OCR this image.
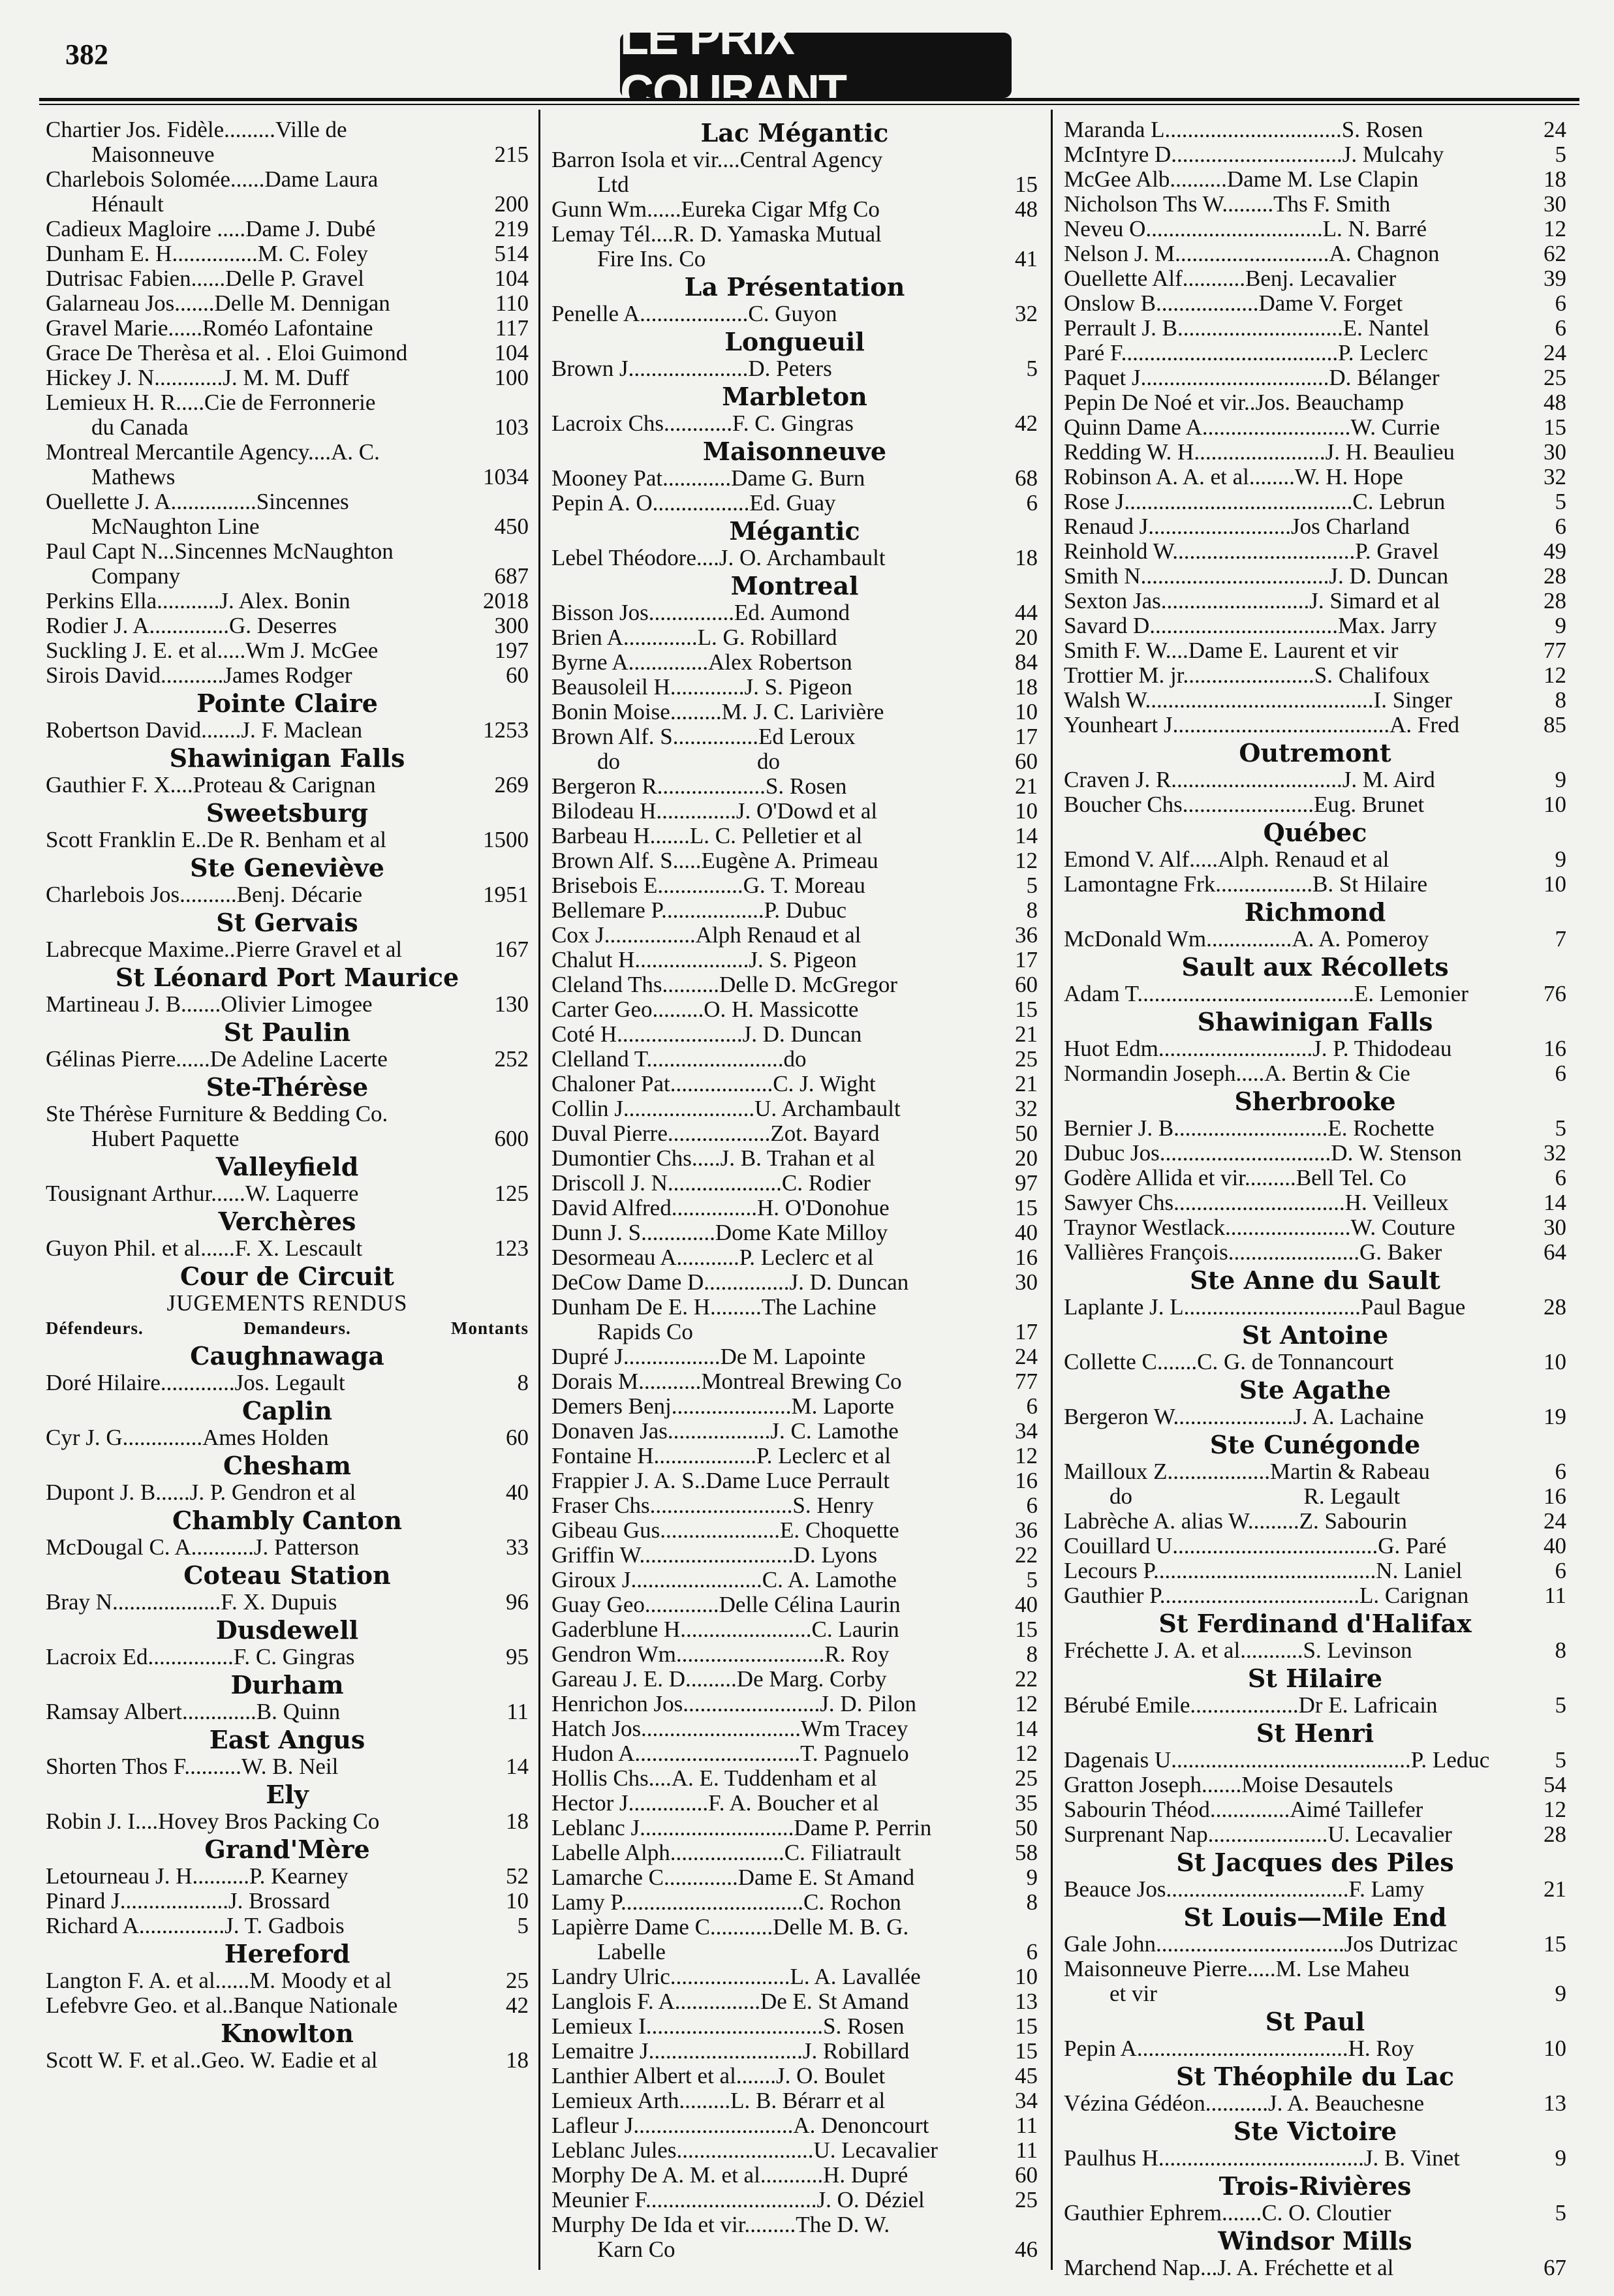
382	LE PRIX COURANT
Chartier Jos. Fidèle.........Ville de
Maisonneuve	215
Charlebois Solomée......Dame Laura
Hénault	200
Cadieux Magloire .....Dame J. Dubé	219
Dunham E. H...............M. C. Foley	514
Dutrisac Fabien......Delle P. Gravel	104
Galarneau Jos.......Delle M. Dennigan	110
Gravel Marie......Roméo Lafontaine	117
Grace De Therèsa et al. . Eloi Guimond	104
Hickey J. N............J. M. M. Duff	100
Lemieux H. R.....Cie de Ferronnerie
du Canada	103
Montreal Mercantile Agency....A. C.
Mathews	1034
Ouellette J. A...............Sincennes
McNaughton Line	450
Paul Capt N...Sincennes McNaughton
Company	687
Perkins Ella...........J. Alex. Bonin	2018
Rodier J. A..............G. Deserres	300
Suckling J. E. et al.....Wm J. McGee	197
Sirois David...........James Rodger	60
Pointe Claire
Robertson David.......J. F. Maclean	1253
Shawinigan Falls
Gauthier F. X....Proteau & Carignan	269
Sweetsburg
Scott Franklin E..De R. Benham et al	1500
Ste Geneviève
Charlebois Jos..........Benj. Décarie	1951
St Gervais
Labrecque Maxime..Pierre Gravel et al	167
St Léonard Port Maurice
Martineau J. B.......Olivier Limogee	130
St Paulin
Gélinas Pierre......De Adeline Lacerte	252
Ste-Thérèse
Ste Thérèse Furniture & Bedding Co.
Hubert Paquette	600
Valleyfield
Tousignant Arthur......W. Laquerre	125
Verchères
Guyon Phil. et al......F. X. Lescault	123
Cour de Circuit
JUGEMENTS RENDUS
Défendeurs.	Demandeurs.	Montants
Caughnawaga
Doré Hilaire.............Jos. Legault	8
Caplin
Cyr J. G..............Ames Holden	60
Chesham
Dupont J. B......J. P. Gendron et al	40
Chambly Canton
McDougal C. A...........J. Patterson	33
Coteau Station
Bray N...................F. X. Dupuis	96
Dusdewell
Lacroix Ed...............F. C. Gingras	95
Durham
Ramsay Albert.............B. Quinn	11
East Angus
Shorten Thos F..........W. B. Neil	14
Ely
Robin J. I....Hovey Bros Packing Co	18
Grand'Mère
Letourneau J. H..........P. Kearney	52
Pinard J...................J. Brossard	10
Richard A...............J. T. Gadbois	5
Hereford
Langton F. A. et al......M. Moody et al	25
Lefebvre Geo. et al..Banque Nationale	42
Knowlton
Scott W. F. et al..Geo. W. Eadie et al	18
Lac Mégantic
Barron Isola et vir....Central Agency
Ltd	15
Gunn Wm......Eureka Cigar Mfg Co	48
Lemay Tél....R. D. Yamaska Mutual
Fire Ins. Co	41
La Présentation
Penelle A...................C. Guyon	32
Longueuil
Brown J.....................D. Peters	5
Marbleton
Lacroix Chs............F. C. Gingras	42
Maisonneuve
Mooney Pat............Dame G. Burn	68
Pepin A. O.................Ed. Guay	6
Mégantic
Lebel Théodore....J. O. Archambault	18
Montreal
Bisson Jos...............Ed. Aumond	44
Brien A.............L. G. Robillard	20
Byrne A..............Alex Robertson	84
Beausoleil H.............J. S. Pigeon	18
Bonin Moise.........M. J. C. Larivière	10
Brown Alf. S...............Ed Leroux	17
do                        do	60
Bergeron R...................S. Rosen	21
Bilodeau H..............J. O'Dowd et al	10
Barbeau H.......L. C. Pelletier et al	14
Brown Alf. S.....Eugène A. Primeau	12
Brisebois E...............G. T. Moreau	5
Bellemare P..................P. Dubuc	8
Cox J................Alph Renaud et al	36
Chalut H....................J. S. Pigeon	17
Cleland Ths..........Delle D. McGregor	60
Carter Geo.........O. H. Massicotte	15
Coté H......................J. D. Duncan	21
Clelland T........................do	25
Chaloner Pat..................C. J. Wight	21
Collin J.......................U. Archambault	32
Duval Pierre..................Zot. Bayard	50
Dumontier Chs.....J. B. Trahan et al	20
Driscoll J. N....................C. Rodier	97
David Alfred...............H. O'Donohue	15
Dunn J. S.............Dome Kate Milloy	40
Desormeau A...........P. Leclerc et al	16
DeCow Dame D...............J. D. Duncan	30
Dunham De E. H.........The Lachine
Rapids Co	17
Dupré J.................De M. Lapointe	24
Dorais M...........Montreal Brewing Co	77
Demers Benj.....................M. Laporte	6
Donaven Jas..................J. C. Lamothe	34
Fontaine H..................P. Leclerc et al	12
Frappier J. A. S..Dame Luce Perrault	16
Fraser Chs.........................S. Henry	6
Gibeau Gus.....................E. Choquette	36
Griffin W...........................D. Lyons	22
Giroux J.......................C. A. Lamothe	5
Guay Geo.............Delle Célina Laurin	40
Gaderblune H.......................C. Laurin	15
Gendron Wm..........................R. Roy	8
Gareau J. E. D.........De Marg. Corby	22
Henrichon Jos........................J. D. Pilon	12
Hatch Jos............................Wm Tracey	14
Hudon A.............................T. Pagnuelo	12
Hollis Chs....A. E. Tuddenham et al	25
Hector J..............F. A. Boucher et al	35
Leblanc J...........................Dame P. Perrin	50
Labelle Alph....................C. Filiatrault	58
Lamarche C.............Dame E. St Amand	9
Lamy P................................C. Rochon	8
Lapièrre Dame C...........Delle M. B. G.
Labelle	6
Landry Ulric.....................L. A. Lavallée	10
Langlois F. A...............De E. St Amand	13
Lemieux I...............................S. Rosen	15
Lemaitre J...........................J. Robillard	15
Lanthier Albert et al.......J. O. Boulet	45
Lemieux Arth.........L. B. Bérarr et al	34
Lafleur J............................A. Denoncourt	11
Leblanc Jules........................U. Lecavalier	11
Morphy De A. M. et al...........H. Dupré	60
Meunier F..............................J. O. Déziel	25
Murphy De Ida et vir.........The D. W.
Karn Co	46
Maranda L...............................S. Rosen	24
McIntyre D..............................J. Mulcahy	5
McGee Alb..........Dame M. Lse Clapin	18
Nicholson Ths W.........Ths F. Smith	30
Neveu O...............................L. N. Barré	12
Nelson J. M...........................A. Chagnon	62
Ouellette Alf...........Benj. Lecavalier	39
Onslow B..................Dame V. Forget	6
Perrault J. B.............................E. Nantel	6
Paré F......................................P. Leclerc	24
Paquet J.................................D. Bélanger	25
Pepin De Noé et vir..Jos. Beauchamp	48
Quinn Dame A..........................W. Currie	15
Redding W. H.......................J. H. Beaulieu	30
Robinson A. A. et al........W. H. Hope	32
Rose J........................................C. Lebrun	5
Renaud J.........................Jos Charland	6
Reinhold W................................P. Gravel	49
Smith N.................................J. D. Duncan	28
Sexton Jas..........................J. Simard et al	28
Savard D.................................Max. Jarry	9
Smith F. W....Dame E. Laurent et vir	77
Trottier M. jr.......................S. Chalifoux	12
Walsh W........................................I. Singer	8
Younheart J......................................A. Fred	85
Outremont
Craven J. R..............................J. M. Aird	9
Boucher Chs.......................Eug. Brunet	10
Québec
Emond V. Alf.....Alph. Renaud et al	9
Lamontagne Frk.................B. St Hilaire	10
Richmond
McDonald Wm...............A. A. Pomeroy	7
Sault aux Récollets
Adam T......................................E. Lemonier	76
Shawinigan Falls
Huot Edm...........................J. P. Thidodeau	16
Normandin Joseph.....A. Bertin & Cie	6
Sherbrooke
Bernier J. B...........................E. Rochette	5
Dubuc Jos..............................D. W. Stenson	32
Godère Allida et vir.........Bell Tel. Co	6
Sawyer Chs..............................H. Veilleux	14
Traynor Westlack......................W. Couture	30
Vallières François.......................G. Baker	64
Ste Anne du Sault
Laplante J. L...............................Paul Bague	28
St Antoine
Collette C.......C. G. de Tonnancourt	10
Ste Agathe
Bergeron W.....................J. A. Lachaine	19
Ste Cunégonde
Mailloux Z..................Martin & Rabeau	6
do                              R. Legault	16
Labrèche A. alias W.........Z. Sabourin	24
Couillard U....................................G. Paré	40
Lecours P.......................................N. Laniel	6
Gauthier P...................................L. Carignan	11
St Ferdinand d'Halifax
Fréchette J. A. et al...........S. Levinson	8
St Hilaire
Bérubé Emile...................Dr E. Lafricain	5
St Henri
Dagenais U..........................................P. Leduc	5
Gratton Joseph.......Moise Desautels	54
Sabourin Théod..............Aimé Taillefer	12
Surprenant Nap.....................U. Lecavalier	28
St Jacques des Piles
Beauce Jos................................F. Lamy	21
St Louis—Mile End
Gale John.................................Jos Dutrizac	15
Maisonneuve Pierre.....M. Lse Maheu
et vir	9
St Paul
Pepin A.....................................H. Roy	10
St Théophile du Lac
Vézina Gédéon...........J. A. Beauchesne	13
Ste Victoire
Paulhus H....................................J. B. Vinet	9
Trois-Rivières
Gauthier Ephrem.......C. O. Cloutier	5
Windsor Mills
Marchend Nap...J. A. Fréchette et al	67
